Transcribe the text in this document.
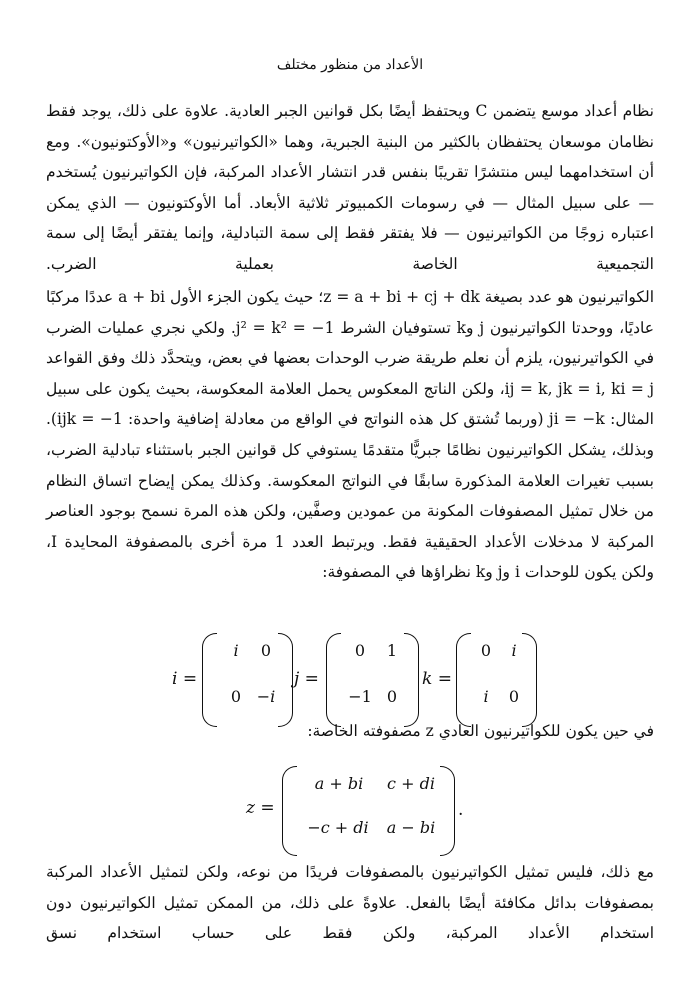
الأعداد من منظور مختلف
نظام أعداد موسع يتضمن C ويحتفظ أيضًا بكل قوانين الجبر العادية. علاوة على ذلك، يوجد فقط نظامان موسعان يحتفظان بالكثير من البنية الجبرية، وهما «الكواتيرنيون» و«الأوكتونيون». ومع أن استخدامهما ليس منتشرًا تقريبًا بنفس قدر انتشار الأعداد المركبة، فإن الكواتيرنيون يُستخدم — على سبيل المثال — في رسومات الكمبيوتر ثلاثية الأبعاد. أما الأوكتونيون — الذي يمكن اعتباره زوجًا من الكواتيرنيون — فلا يفتقر فقط إلى سمة التبادلية، وإنما يفتقر أيضًا إلى سمة التجميعية الخاصة بعملية الضرب.
الكواتيرنيون هو عدد بصيغة z = a + bi + cj + dk؛ حيث يكون الجزء الأول a + bi عددًا مركبًا عاديًا، ووحدتا الكواتيرنيون j وk تستوفيان الشرط j² = k² = −1. ولكي نجري عمليات الضرب في الكواتيرنيون، يلزم أن نعلم طريقة ضرب الوحدات بعضها في بعض، ويتحدَّد ذلك وفق القواعد ij = k, jk = i, ki = j، ولكن الناتج المعكوس يحمل العلامة المعكوسة، بحيث يكون على سبيل المثال: ji = −k (وربما تُشتق كل هذه النواتج في الواقع من معادلة إضافية واحدة: ijk = −1). وبذلك، يشكل الكواتيرنيون نظامًا جبريًّا متقدمًا يستوفي كل قوانين الجبر باستثناء تبادلية الضرب، بسبب تغيرات العلامة المذكورة سابقًا في النواتج المعكوسة. وكذلك يمكن إيضاح اتساق النظام من خلال تمثيل المصفوفات المكونة من عمودين وصفَّين، ولكن هذه المرة نسمح بوجود العناصر المركبة لا مدخلات الأعداد الحقيقية فقط. ويرتبط العدد 1 مرة أخرى بالمصفوفة المحايدة I، ولكن يكون للوحدات i وj وk نظراؤها في المصفوفة:
i =
i	0
0 −i
j =
0	1
−1 0
k =
0	i
i	0
في حين يكون للكواتيرنيون العادي z مصفوفته الخاصة:
z =
a + bi	c + di
−c + di	a − bi
.
مع ذلك، فليس تمثيل الكواتيرنيون بالمصفوفات فريدًا من نوعه، ولكن لتمثيل الأعداد المركبة بمصفوفات بدائل مكافئة أيضًا بالفعل. علاوةً على ذلك، من الممكن تمثيل الكواتيرنيون دون استخدام الأعداد المركبة، ولكن فقط على حساب استخدام نسق
